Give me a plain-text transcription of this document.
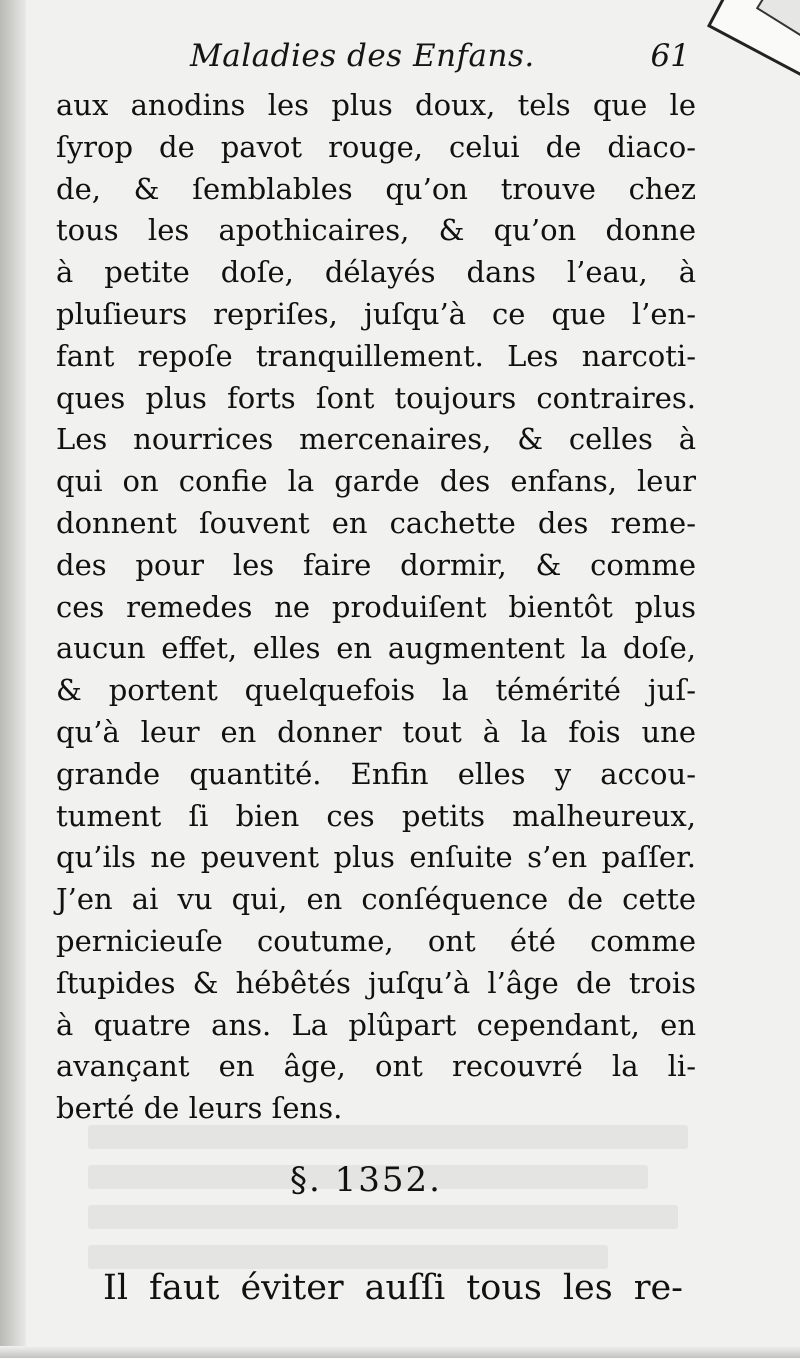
Maladies des Enfans.	61
aux anodins les plus doux, tels que le
ſyrop de pavot rouge, celui de diaco-
de, & ſemblables qu’on trouve chez
tous les apothicaires, & qu’on donne
à petite doſe, délayés dans l’eau, à
pluſieurs repriſes, juſqu’à ce que l’en-
fant repoſe tranquillement. Les narcoti-
ques plus forts ſont toujours contraires.
Les nourrices mercenaires, & celles à
qui on confie la garde des enfans, leur
donnent ſouvent en cachette des reme-
des pour les faire dormir, & comme
ces remedes ne produiſent bientôt plus
aucun effet, elles en augmentent la doſe,
& portent quelquefois la témérité juſ-
qu’à leur en donner tout à la fois une
grande quantité. Enfin elles y accou-
tument ſi bien ces petits malheureux,
qu’ils ne peuvent plus enſuite s’en paſſer.
J’en ai vu qui, en conſéquence de cette
pernicieuſe coutume, ont été comme
ſtupides & hébêtés juſqu’à l’âge de trois
à quatre ans. La plûpart cependant, en
avançant en âge, ont recouvré la li-
berté de leurs ſens.
§. 1352.
Il faut éviter auſſi tous les re-
